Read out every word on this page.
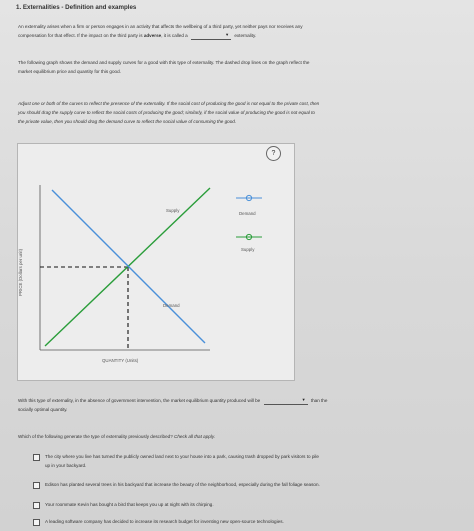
1. Externalities - Definition and examples
An externality arises when a firm or person engages in an activity that affects the wellbeing of a third party, yet neither pays nor receives any
compensation for that effect. If the impact on the third party is adverse, it is called a	▼ externality.
The following graph shows the demand and supply curves for a good with this type of externality. The dashed drop lines on the graph reflect the
market equilibrium price and quantity for this good.
Adjust one or both of the curves to reflect the presence of the externality. If the social cost of producing the good is not equal to the private cost, then
you should drag the supply curve to reflect the social costs of producing the good; similarly, if the social value of producing the good is not equal to
the private value, then you should drag the demand curve to reflect the social value of consuming the good.
?
Supply
Demand
Demand
Supply
QUANTITY (Units)
PRICE (Dollars per unit)
With this type of externality, in the absence of government intervention, the market equilibrium quantity produced will be	▼ than the
socially optimal quantity.
Which of the following generate the type of externality previously described? Check all that apply.
The city where you live has turned the publicly owned land next to your house into a park, causing trash dropped by park visitors to pile
up in your backyard.
Edison has planted several trees in his backyard that increase the beauty of the neighborhood, especially during the fall foliage season.
Your roommate Kevin has bought a bird that keeps you up at night with its chirping.
A leading software company has decided to increase its research budget for inventing new open-source technologies.
